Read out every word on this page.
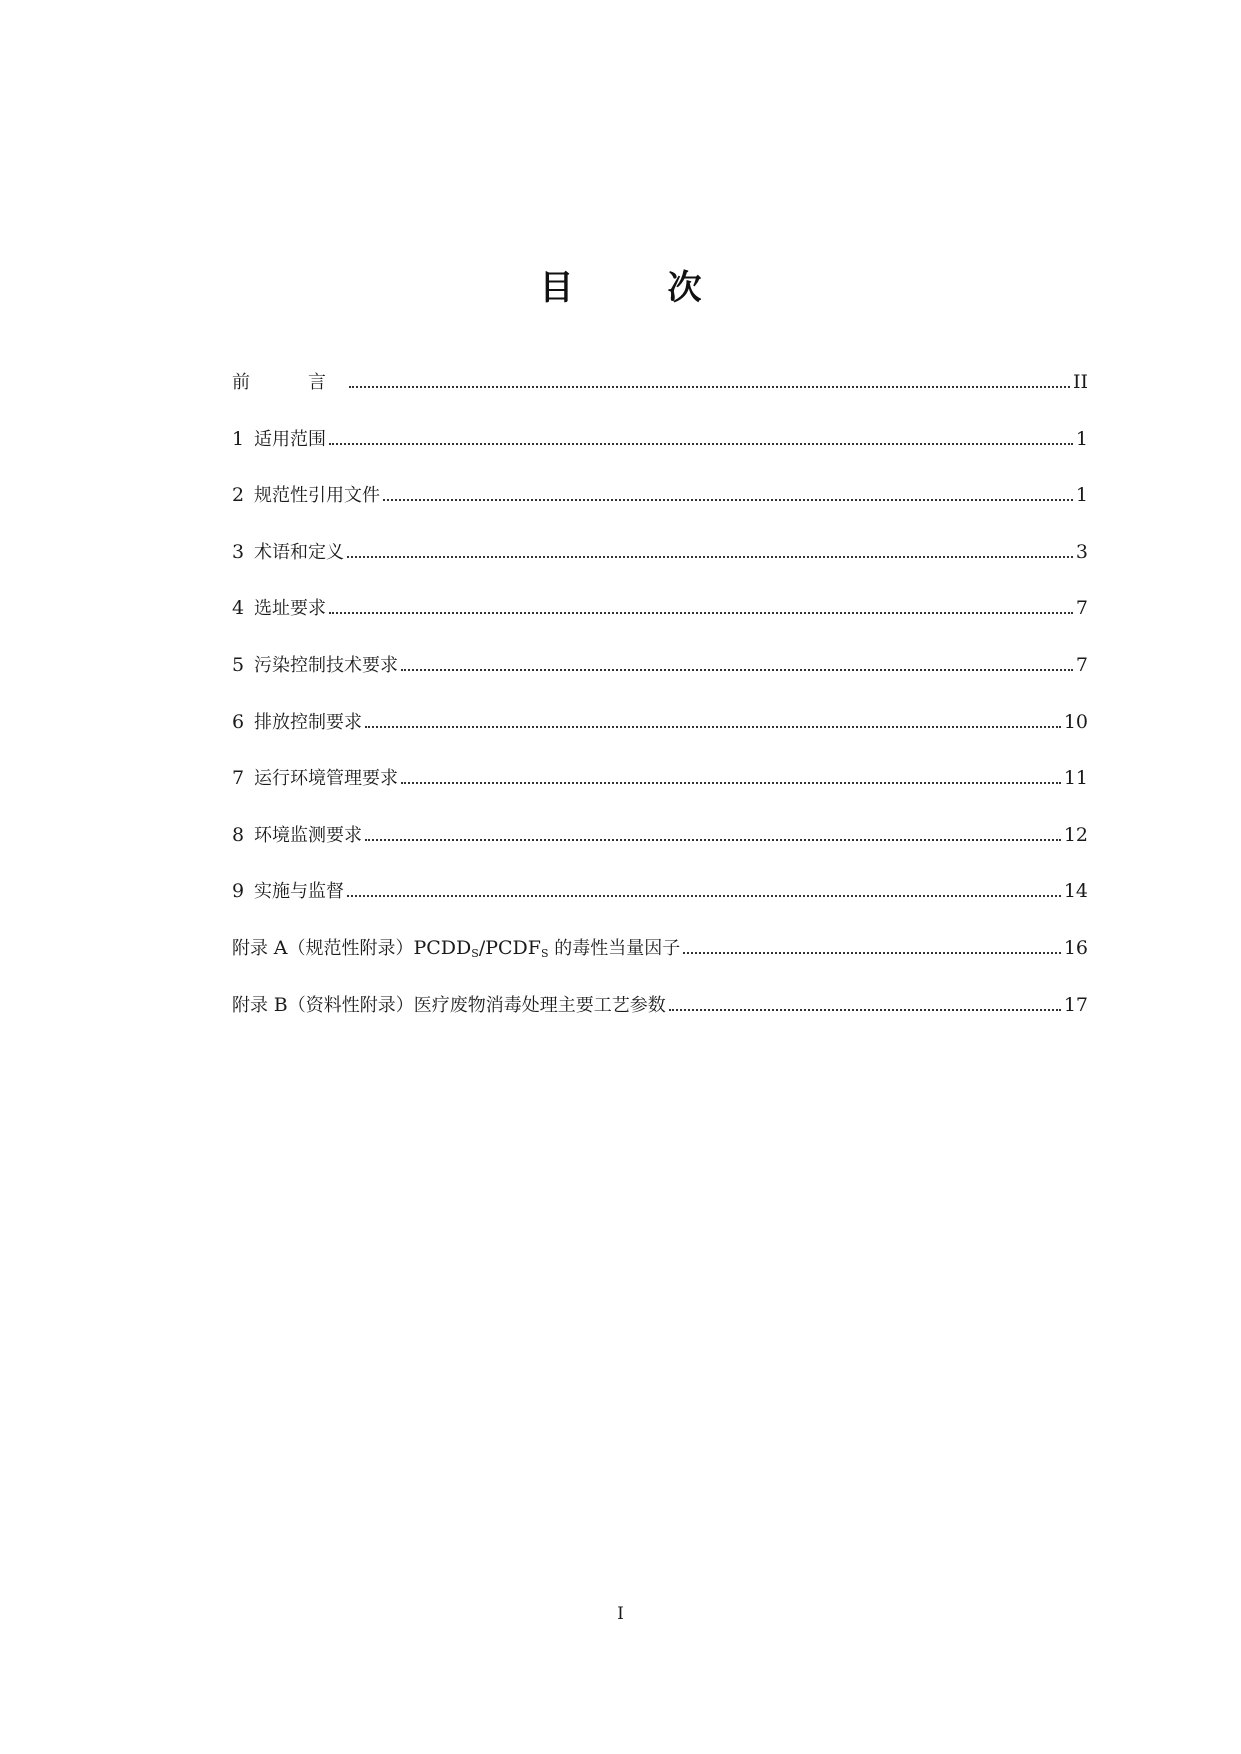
目　次
前　言	II
1 适用范围	1
2 规范性引用文件	1
3 术语和定义	3
4 选址要求	7
5 污染控制技术要求	7
6 排放控制要求	10
7 运行环境管理要求	11
8 环境监测要求	12
9 实施与监督	14
附录 A（规范性附录）$PCDD_S/PCDF_S$ 的毒性当量因子	16
附录 B（资料性附录）医疗废物消毒处理主要工艺参数	17
I
